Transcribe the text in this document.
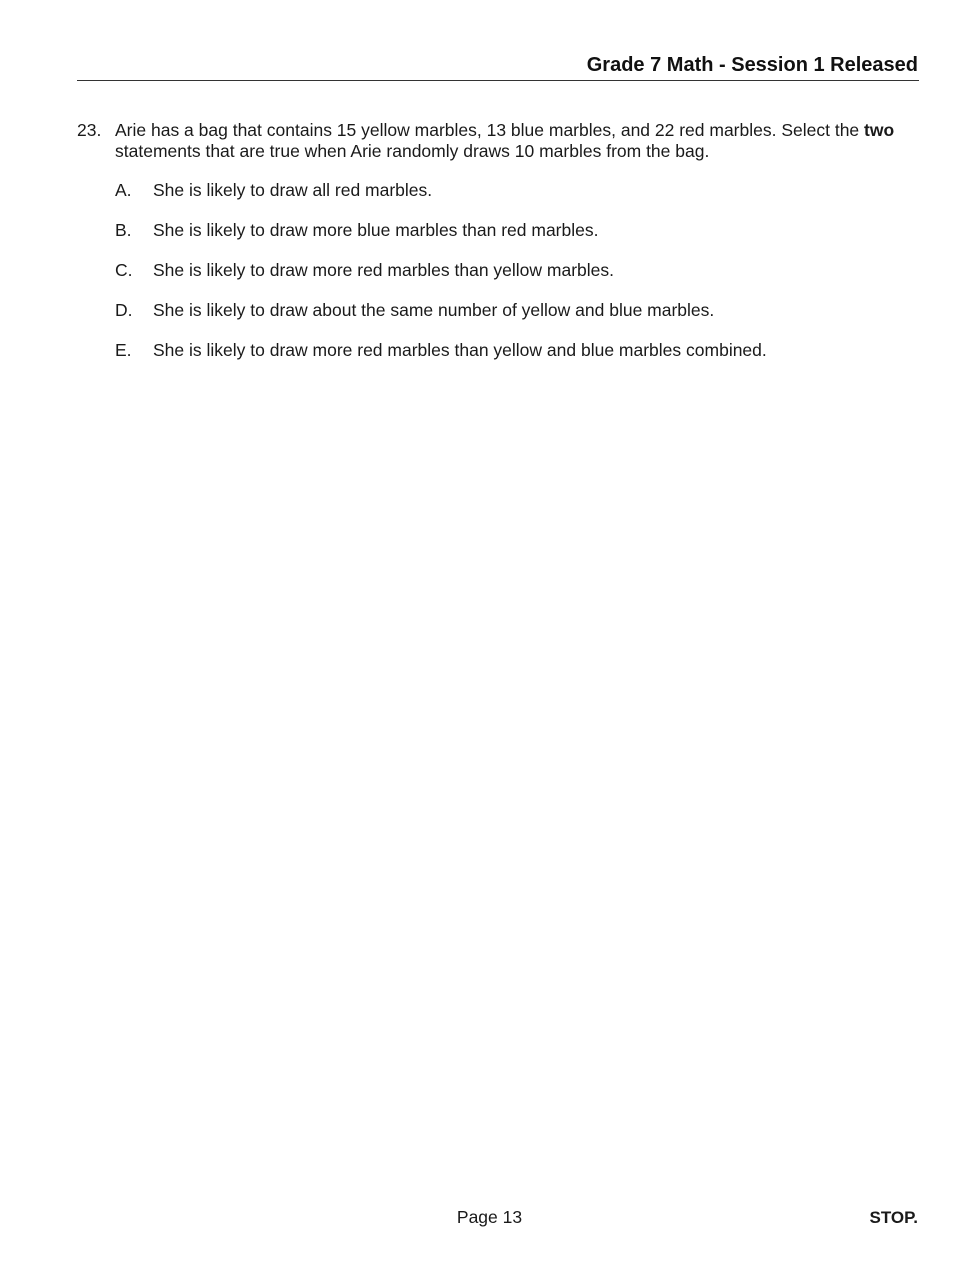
Grade 7 Math - Session 1 Released
23. Arie has a bag that contains 15 yellow marbles, 13 blue marbles, and 22 red marbles. Select the two statements that are true when Arie randomly draws 10 marbles from the bag.
A. She is likely to draw all red marbles.
B. She is likely to draw more blue marbles than red marbles.
C. She is likely to draw more red marbles than yellow marbles.
D. She is likely to draw about the same number of yellow and blue marbles.
E. She is likely to draw more red marbles than yellow and blue marbles combined.
Page 13	STOP.
